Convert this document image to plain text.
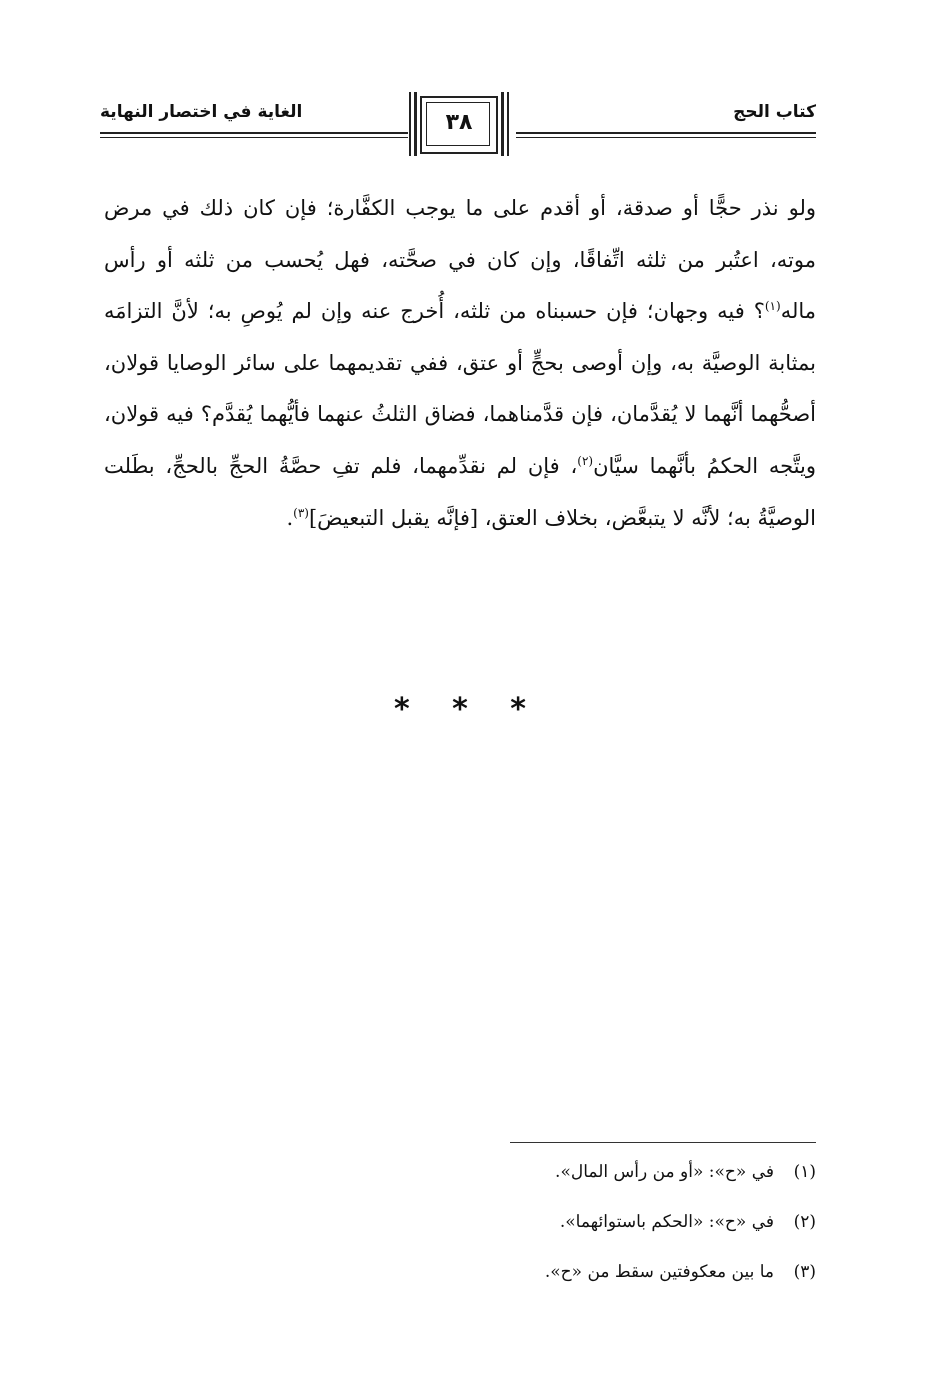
كتاب الحج
الغاية في اختصار النهاية	٣٨

ولو نذر حجًّا أو صدقة، أو أقدم على ما يوجب الكفَّارة؛ فإن كان ذلك في مرض موته، اعتُبر من ثلثه اتِّفاقًا، وإن كان في صحَّته، فهل يُحسب من ثلثه أو رأس ماله$^{(١)}$؟ فيه وجهان؛ فإن حسبناه من ثلثه، أُخرج عنه وإن لم يُوصِ به؛ لأنَّ التزامَه بمثابة الوصيَّة به، وإن أوصى بحجٍّ أو عتق، ففي تقديمهما على سائر الوصايا قولان، أصحُّهما أنَّهما لا يُقدَّمان، فإن قدَّمناهما، فضاق الثلثُ عنهما فأيُّهما يُقدَّم؟ فيه قولان، ويتَّجه الحكمُ بأنَّهما سيَّان$^{(٢)}$، فإن لم نقدِّمهما، فلم تفِ حصَّةُ الحجِّ بالحجِّ، بطَلت الوصيَّةُ به؛ لأنَّه لا يتبعَّض، بخلاف العتق، [فإنَّه يقبل التبعيضَ]$^{(٣)}$.

* * *
(١)في «ح»: «أو من رأس المال».
(٢)في «ح»: «الحكم باستوائهما».
(٣)ما بين معكوفتين سقط من «ح».
